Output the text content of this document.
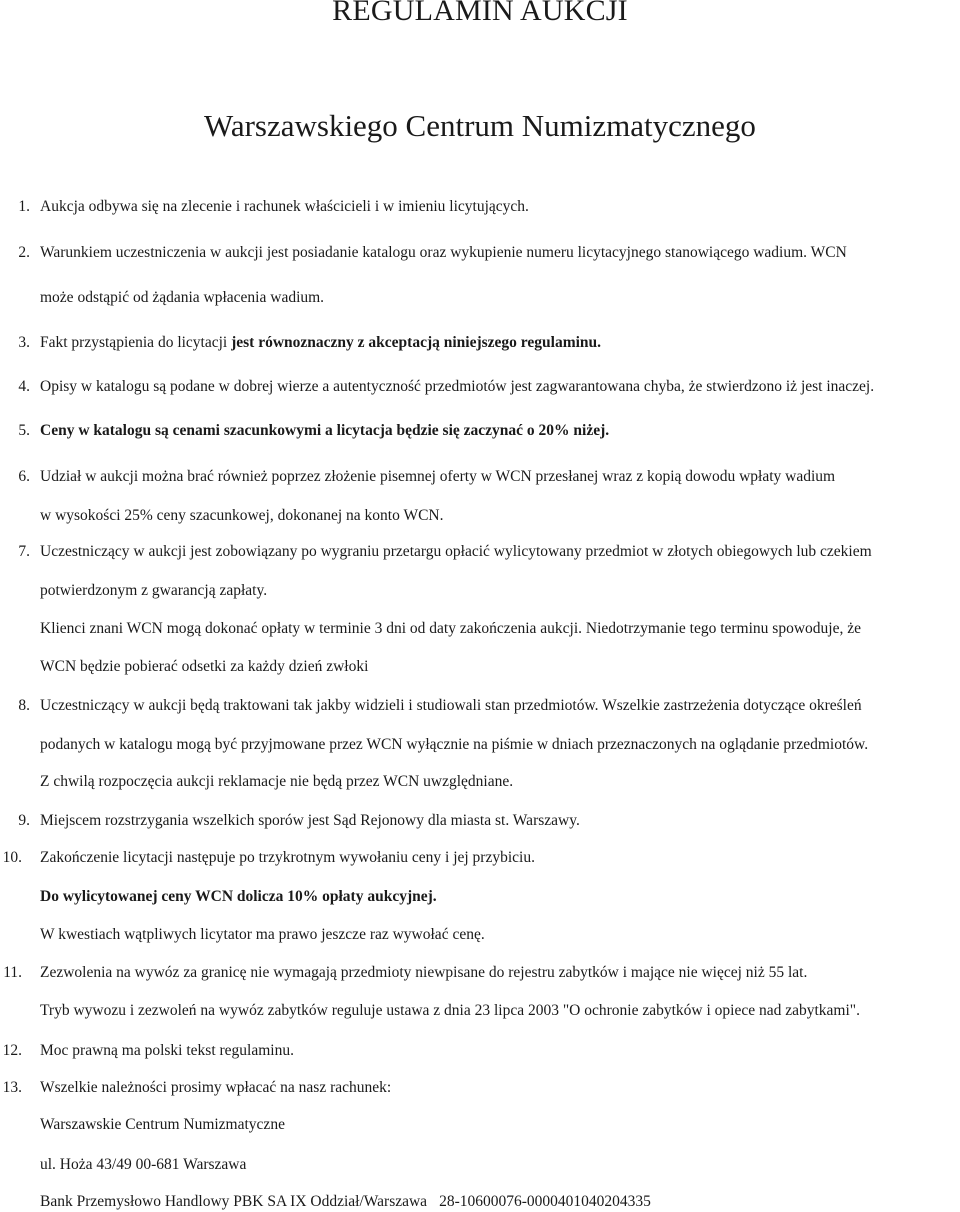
REGULAMIN AUKCJI
Warszawskiego Centrum Numizmatycznego
1. Aukcja odbywa się na zlecenie i rachunek właścicieli i w imieniu licytujących.

2. Warunkiem uczestniczenia w aukcji jest posiadanie katalogu oraz wykupienie numeru licytacyjnego stanowiącego wadium. WCN

może odstąpić od żądania wpłacenia wadium.

3. Fakt przystąpienia do licytacji jest równoznaczny z akceptacją niniejszego regulaminu.

4. Opisy w katalogu są podane w dobrej wierze a autentyczność przedmiotów jest zagwarantowana chyba, że stwierdzono iż jest inaczej.

5. Ceny w katalogu są cenami szacunkowymi a licytacja będzie się zaczynać o 20% niżej.

6. Udział w aukcji można brać również poprzez złożenie pisemnej oferty w WCN przesłanej wraz z kopią dowodu wpłaty wadium

w wysokości 25% ceny szacunkowej, dokonanej na konto WCN.

7. Uczestniczący w aukcji jest zobowiązany po wygraniu przetargu opłacić wylicytowany przedmiot w złotych obiegowych lub czekiem

potwierdzonym z gwarancją zapłaty.

Klienci znani WCN mogą dokonać opłaty w terminie 3 dni od daty zakończenia aukcji. Niedotrzymanie tego terminu spowoduje, że

WCN będzie pobierać odsetki za każdy dzień zwłoki

8. Uczestniczący w aukcji będą traktowani tak jakby widzieli i studiowali stan przedmiotów. Wszelkie zastrzeżenia dotyczące określeń

podanych w katalogu mogą być przyjmowane przez WCN wyłącznie na piśmie w dniach przeznaczonych na oglądanie przedmiotów.

Z chwilą rozpoczęcia aukcji reklamacje nie będą przez WCN uwzględniane.

9. Miejscem rozstrzygania wszelkich sporów jest Sąd Rejonowy dla miasta st. Warszawy.

10. Zakończenie licytacji następuje po trzykrotnym wywołaniu ceny i jej przybiciu.

Do wylicytowanej ceny WCN dolicza 10% opłaty aukcyjnej.

W kwestiach wątpliwych licytator ma prawo jeszcze raz wywołać cenę.

11. Zezwolenia na wywóz za granicę nie wymagają przedmioty niewpisane do rejestru zabytków i mające nie więcej niż 55 lat.

Tryb wywozu i zezwoleń na wywóz zabytków reguluje ustawa z dnia 23 lipca 2003 "O ochronie zabytków i opiece nad zabytkami".

12. Moc prawną ma polski tekst regulaminu.

13. Wszelkie należności prosimy wpłacać na nasz rachunek:

Warszawskie Centrum Numizmatyczne

ul. Hoża 43/49 00-681 Warszawa

Bank Przemysłowo Handlowy PBK SA IX Oddział/Warszawa 28-10600076-0000401040204335
